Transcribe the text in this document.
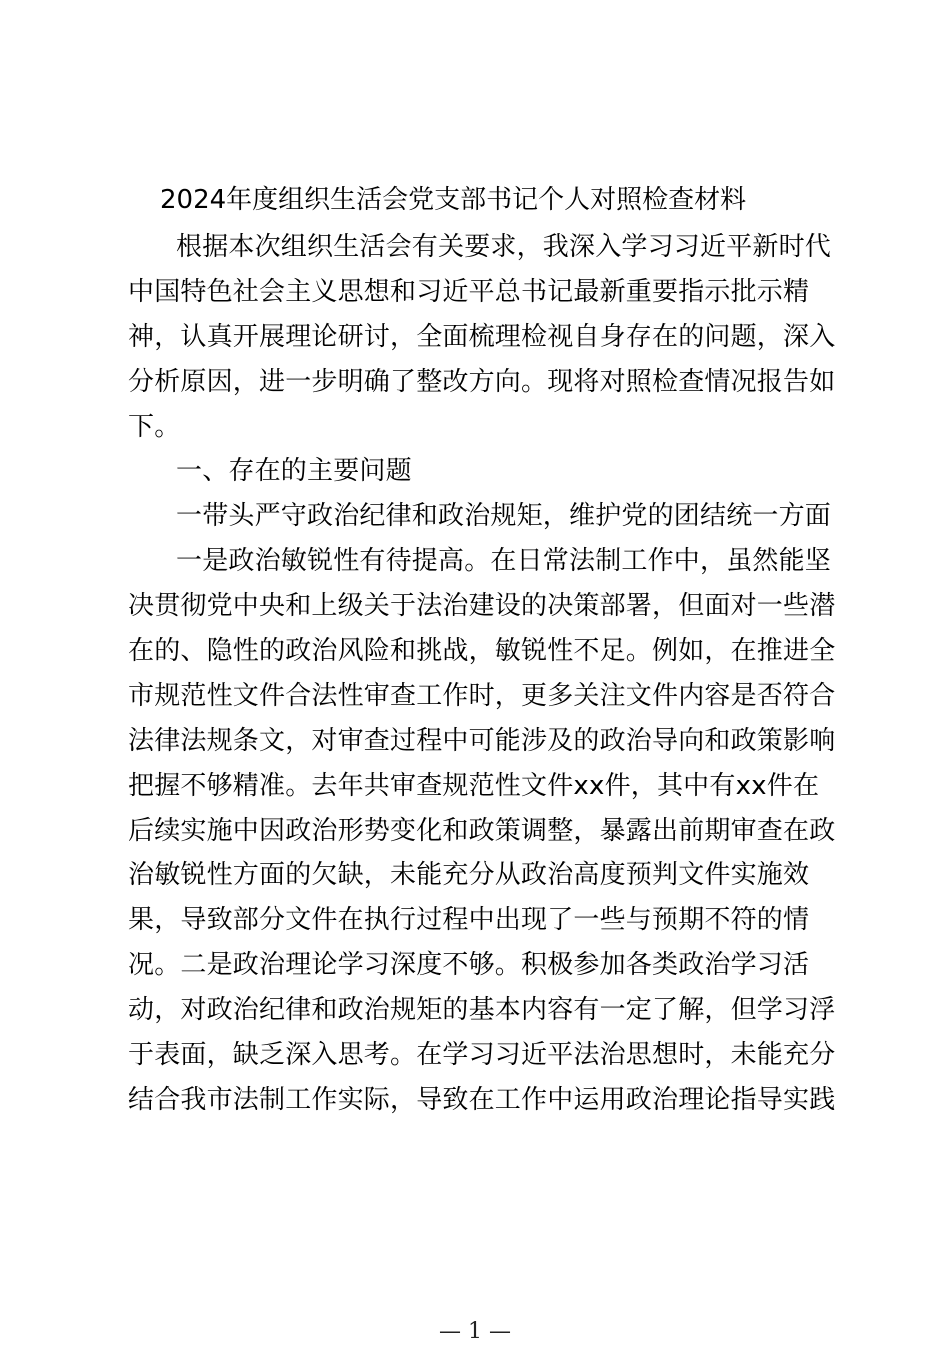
2024年度组织生活会党支部书记个人对照检查材料
根据本次组织生活会有关要求，我深入学习习近平新时代
中国特色社会主义思想和习近平总书记最新重要指示批示精
神，认真开展理论研讨，全面梳理检视自身存在的问题，深入
分析原因，进一步明确了整改方向。现将对照检查情况报告如
下。
一、存在的主要问题
一带头严守政治纪律和政治规矩，维护党的团结统一方面
一是政治敏锐性有待提高。在日常法制工作中，虽然能坚
决贯彻党中央和上级关于法治建设的决策部署，但面对一些潜
在的、隐性的政治风险和挑战，敏锐性不足。例如，在推进全
市规范性文件合法性审查工作时，更多关注文件内容是否符合
法律法规条文，对审查过程中可能涉及的政治导向和政策影响
把握不够精准。去年共审查规范性文件xx件，其中有xx件在
后续实施中因政治形势变化和政策调整，暴露出前期审查在政
治敏锐性方面的欠缺，未能充分从政治高度预判文件实施效
果，导致部分文件在执行过程中出现了一些与预期不符的情
况。二是政治理论学习深度不够。积极参加各类政治学习活
动，对政治纪律和政治规矩的基本内容有一定了解，但学习浮
于表面，缺乏深入思考。在学习习近平法治思想时，未能充分
结合我市法制工作实际，导致在工作中运用政治理论指导实践
— 1 —
